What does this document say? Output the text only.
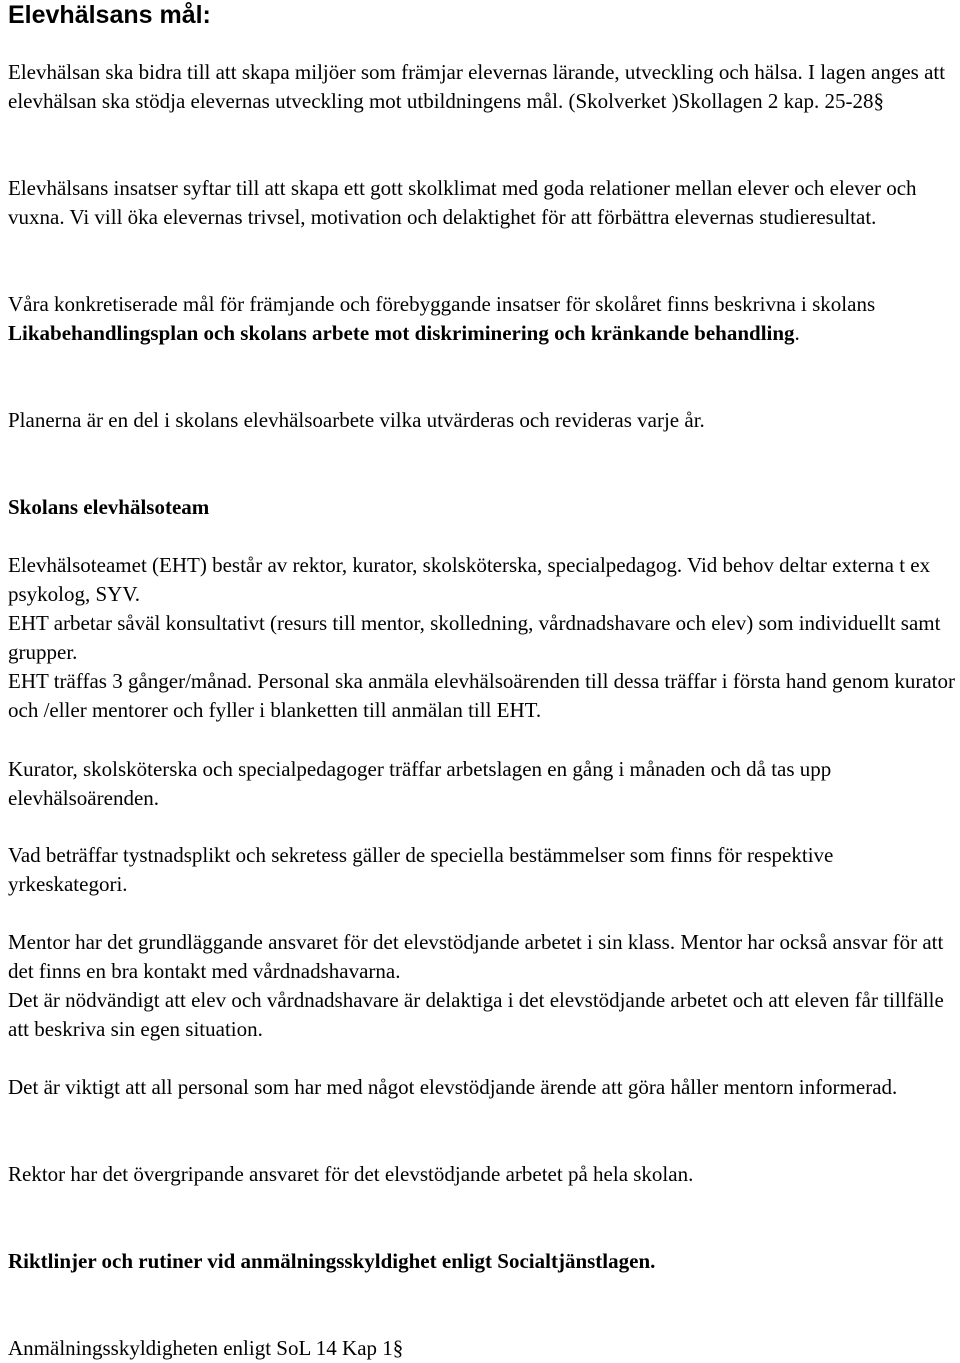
Elevhälsans mål:

Elevhälsan ska bidra till att skapa miljöer som främjar elevernas lärande, utveckling och hälsa. I lagen anges att elevhälsan ska stödja elevernas utveckling mot utbildningens mål. (Skolverket )Skollagen 2 kap. 25-28§

Elevhälsans insatser syftar till att skapa ett gott skolklimat med goda relationer mellan elever och elever och vuxna. Vi vill öka elevernas trivsel, motivation och delaktighet för att förbättra elevernas studieresultat.

Våra konkretiserade mål för främjande och förebyggande insatser för skolåret finns beskrivna i skolans Likabehandlingsplan och skolans arbete mot diskriminering och kränkande behandling.

Planerna är en del i skolans elevhälsoarbete vilka utvärderas och revideras varje år.

Skolans elevhälsoteam

Elevhälsoteamet (EHT) består av rektor, kurator, skolsköterska, specialpedagog. Vid behov deltar externa t ex psykolog, SYV.

EHT arbetar såväl konsultativt (resurs till mentor, skolledning, vårdnadshavare och elev) som individuellt samt grupper.

EHT träffas 3 gånger/månad. Personal ska anmäla elevhälsoärenden till dessa träffar i första hand genom kurator och /eller mentorer och fyller i blanketten till anmälan till EHT.

Kurator, skolsköterska och specialpedagoger träffar arbetslagen en gång i månaden och då tas upp elevhälsoärenden.

Vad beträffar tystnadsplikt och sekretess gäller de speciella bestämmelser som finns för respektive yrkeskategori.

Mentor har det grundläggande ansvaret för det elevstödjande arbetet i sin klass. Mentor har också ansvar för att det finns en bra kontakt med vårdnadshavarna.

Det är nödvändigt att elev och vårdnadshavare är delaktiga i det elevstödjande arbetet och att eleven får tillfälle att beskriva sin egen situation.

Det är viktigt att all personal som har med något elevstödjande ärende att göra håller mentorn informerad.

Rektor har det övergripande ansvaret för det elevstödjande arbetet på hela skolan.

Riktlinjer och rutiner vid anmälningsskyldighet enligt Socialtjänstlagen.

Anmälningsskyldigheten enligt SoL 14 Kap 1§
